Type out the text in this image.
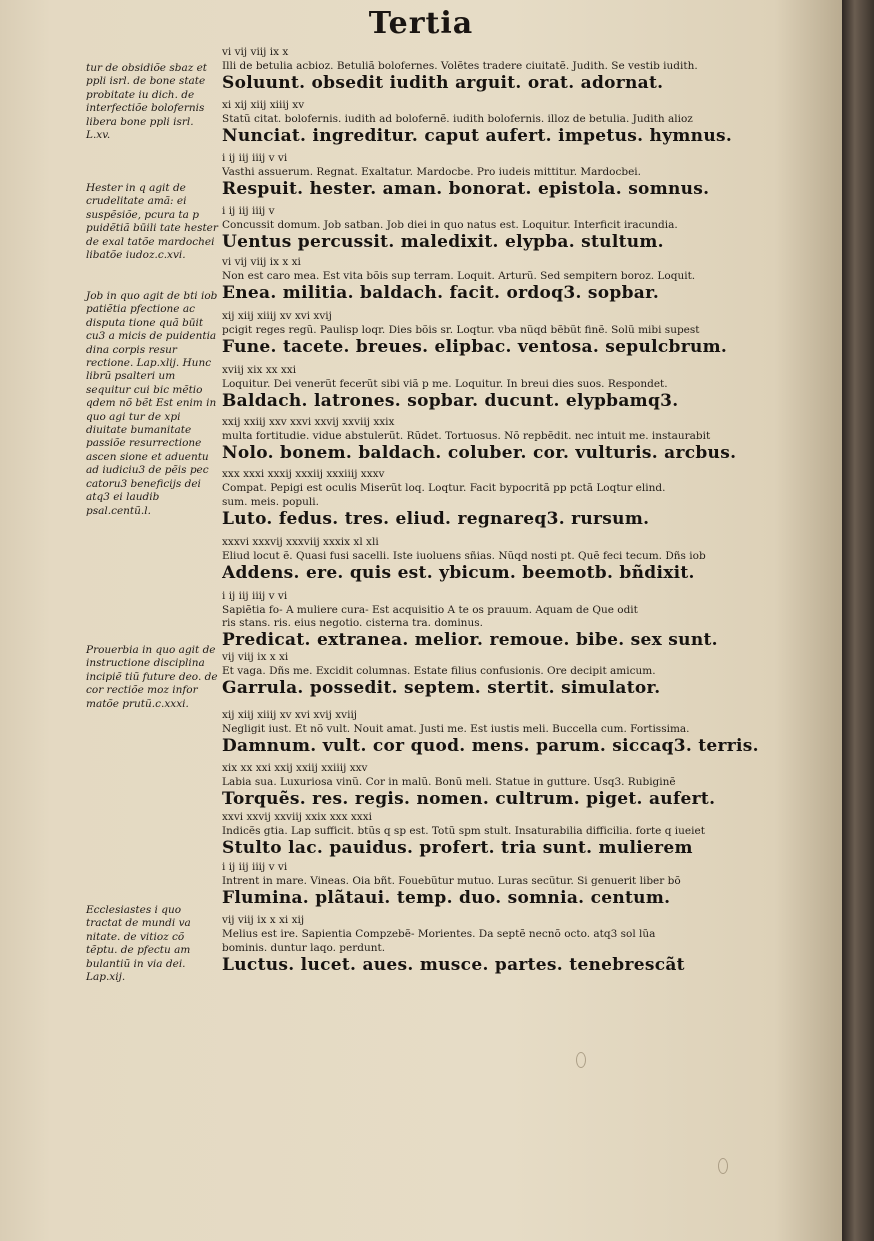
Tertia

tur de obsidiõe sbaz et ppli isrl. de bone state probitate iu dich. de interfectiõe bolofernis libera bone ppli isrl. L.xv.

Hester in q agit de crudelitate amã: ei suspẽsiõe, pcura ta p puidẽtiã būili tate hester de exal tatõe mardochei libatõe iudoz.c.xvi.

Job in quo agit de bti iob patiẽtia pfectione ac disputa tione quã būit cu3 a micis de puidentia dina corpis resur rectione. Lap.xlij. Hunc librũ psalteri um sequitur cui bic mẽtio qdem nõ bẽt Est enim in quo agi tur de xpi diuitate bumanitate passiõe resurrectione ascen sione et aduentu ad iudiciu3 de pẽis pec catoru3 beneficijs dei atq3 ei laudib psal.centũ.l.

Prouerbia in quo agit de instructione disciplina incipiẽ tiũ future deo. de cor rectiõe moz infor matõe prutũ.c.xxxi.

Ecclesiastes i quo tractat de mundi va nitate. de vitioz cõ tẽptu. de pfectu am bulantiũ in via dei. Lap.xij.

vi vij viij ix x
Illi de betulia acbioz. Betuliã bolofernes. Volẽtes tradere ciuitatẽ. Judith. Se vestib iudith.
Soluunt. obsedit iudith arguit. orat. adornat.
xi xij xiij xiiij xv
Statũ citat. bolofernis. iudith ad bolofernẽ. iudith bolofernis. illoz de betulia. Judith alioz
Nunciat. ingreditur. caput aufert. impetus. hymnus.
i ij iij iiij v vi
Vasthi assuerum. Regnat. Exaltatur. Mardocbe. Pro iudeis mittitur. Mardocbei.
Respuit. hester. aman. bonorat. epistola. somnus.
i ij iij iiij v
Concussit domum. Job satban. Job diei in quo natus est. Loquitur. Interficit iracundia.
Uentus percussit. maledixit. elypba. stultum.
vi vij viij ix x xi
Non est caro mea. Est vita bõis sup terram. Loquit. Arturũ. Sed sempitern boroz. Loquit.
Enea. militia. baldach. facit. ordoq3. sopbar.
xij xiij xiiij xv xvi xvij
pcigit reges regũ. Paulisp loqr. Dies bõis sr. Loqtur. vba nũqd bẽbũt finẽ. Solũ mibi supest
Fune. tacete. breues. elipbac. ventosa. sepulcbrum.
xviij xix xx xxi
Loquitur. Dei venerũt fecerũt sibi viã p me. Loquitur. In breui dies suos. Respondet.
Baldach. latrones. sopbar. ducunt. elypbamq3.
xxij xxiij xxv xxvi xxvij xxviij xxix
multa fortitudie. vidue abstulerũt. Rũdet. Tortuosus. Nõ repbẽdit. nec intuit me. instaurabit
Nolo. bonem. baldach. coluber. cor. vulturis. arcbus.
xxx xxxi xxxij xxxiij xxxiiij xxxv
Compat. Pepigi est oculis Miserũt loq. Loqtur. Facit bypocritã pp pctã Loqtur elind.
sum. meis. populi.
Luto. fedus. tres. eliud. regnareq3. rursum.
xxxvi xxxvij xxxviij xxxix xl xli
Eliud locut ẽ. Quasi fusi sacelli. Iste iuoluens sñias. Nũqd nosti pt. Quẽ feci tecum. Dñs iob
Addens. ere. quis est. ybicum. beemotb. bñdixit.
i ij iij iiij v vi
Sapiẽtia fo- A muliere cura- Est acquisitio A te os prauum. Aquam de Que odit
ris stans. ris. eius negotio. cisterna tra. dominus.
Predicat. extranea. melior. remoue. bibe. sex sunt.
vij viij ix x xi
Et vaga. Dñs me. Excidit columnas. Estate filius confusionis. Ore decipit amicum.
Garrula. possedit. septem. stertit. simulator.
xij xiij xiiij xv xvi xvij xviij
Negligit iust. Et nõ vult. Nouit amat. Justi me. Est iustis meli. Buccella cum. Fortissima.
Damnum. vult. cor quod. mens. parum. siccaq3. terris.
xix xx xxi xxij xxiij xxiiij xxv
Labia sua. Luxuriosa vinũ. Cor in malũ. Bonũ meli. Statue in gutture. Usq3. Rubiginẽ
Torquẽs. res. regis. nomen. cultrum. piget. aufert.
xxvi xxvij xxviij xxix xxx xxxi
Indicẽs gtia. Lap sufficit. btũs q sp est. Totũ spm stult. Insaturabilia difficilia. forte q iueiet
Stulto lac. pauidus. profert. tria sunt. mulierem
i ij iij iiij v vi
Intrent in mare. Vineas. Oia bñt. Fouebũtur mutuo. Luras secũtur. Si genuerit liber bõ
Flumina. plãtaui. temp. duo. somnia. centum.
vij viij ix x xi xij
Melius est ire. Sapientia Compzebẽ- Morientes. Da septẽ necnõ octo. atq3 sol lũa
bominis. duntur laqo. perdunt.
Luctus. lucet. aues. musce. partes. tenebrescãt
